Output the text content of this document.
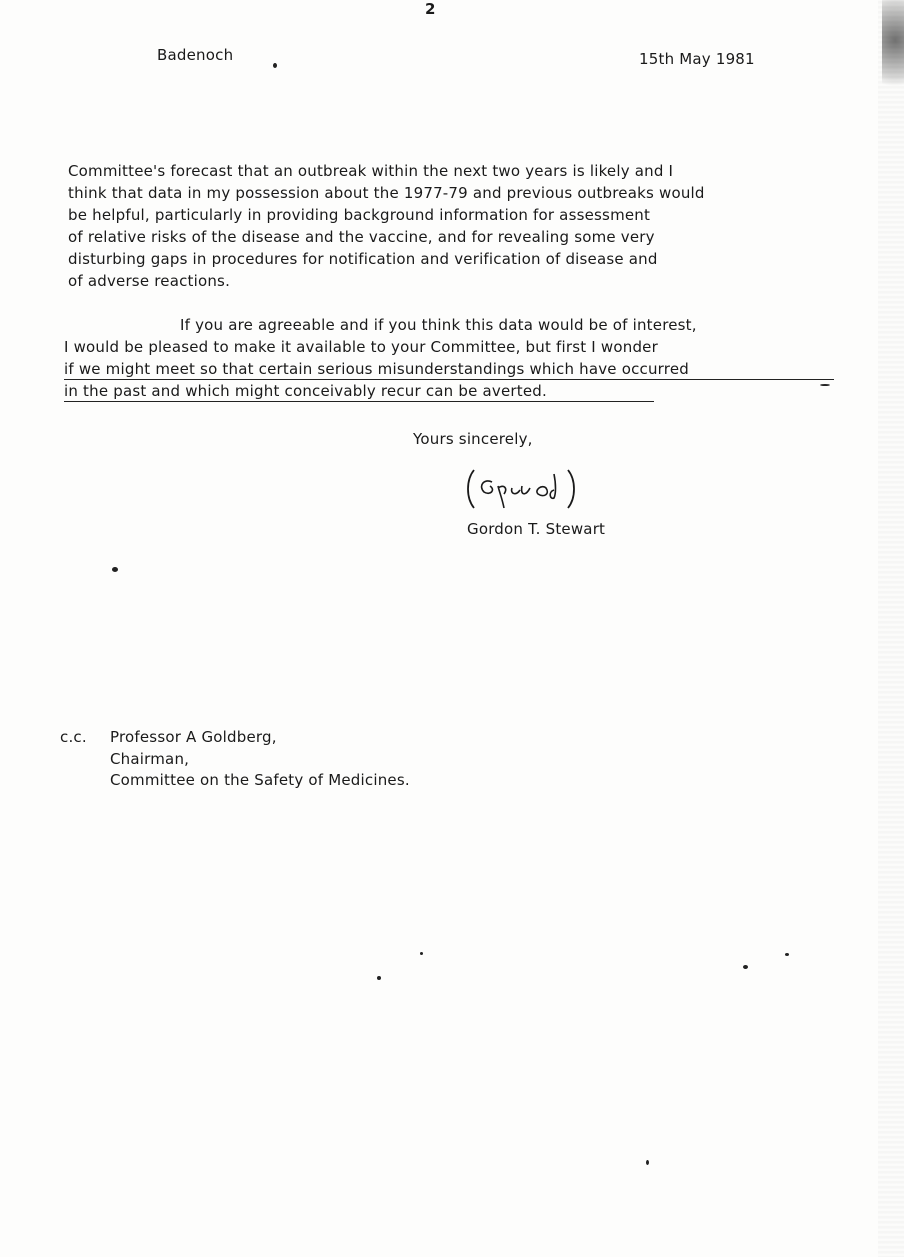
2
Badenoch	15th May 1981
Committee's forecast that an outbreak within the next two years is likely and I
think that data in my possession about the 1977-79 and previous outbreaks would
be helpful, particularly in providing background information for assessment
of relative risks of the disease and the vaccine, and for revealing some very
disturbing gaps in procedures for notification and verification of disease and
of adverse reactions.
If you are agreeable and if you think this data would be of interest,
I would be pleased to make it available to your Committee, but first I wonder
if we might meet so that certain serious misunderstandings which have occurred
in the past and which might conceivably recur can be averted.
Yours sincerely,
Gordon T. Stewart
c.c. Professor A Goldberg,
Chairman,
Committee on the Safety of Medicines.
